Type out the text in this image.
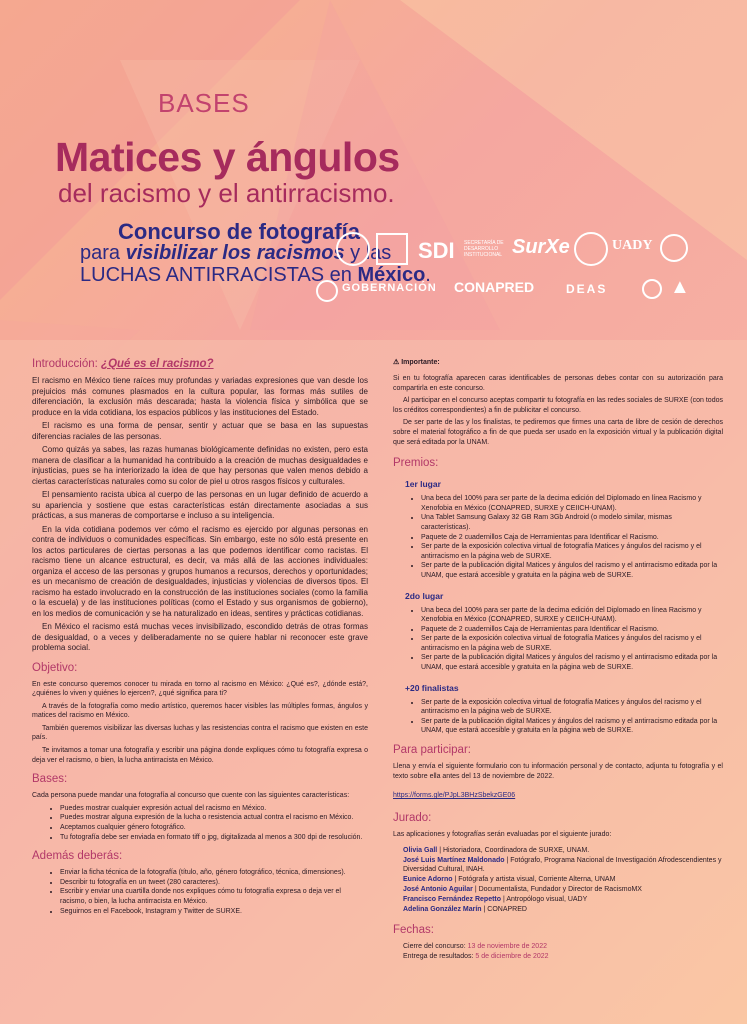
BASES
Matices y ángulos
del racismo y el antirracismo.
Concurso de fotografía
para visibilizar los racismos y las
LUCHAS ANTIRRACISTAS en México.
SDI SECRETARÍA DE DESARROLLO INSTITUCIONAL SurXe	UADY
GOBERNACIÓN CONAPRED	DEAS	▲
Introducción: ¿Qué es el racismo?

El racismo en México tiene raíces muy profundas y variadas expresiones que van desde los prejuicios más comunes plasmados en la cultura popular, las formas más sutiles de diferenciación, la exclusión más descarada; hasta la violencia física y simbólica que se produce en la vida cotidiana, los espacios públicos y las instituciones del Estado.

El racismo es una forma de pensar, sentir y actuar que se basa en las supuestas diferencias raciales de las personas.

Como quizás ya sabes, las razas humanas biológicamente definidas no existen, pero esta manera de clasificar a la humanidad ha contribuido a la creación de muchas desigualdades e injusticias, pues se ha interiorizado la idea de que hay personas que valen menos debido a ciertas características naturales como su color de piel u otros rasgos físicos y culturales.

El pensamiento racista ubica al cuerpo de las personas en un lugar definido de acuerdo a su apariencia y sostiene que estas características están directamente asociadas a sus prácticas, a sus maneras de comportarse e incluso a su inteligencia.

En la vida cotidiana podemos ver cómo el racismo es ejercido por algunas personas en contra de individuos o comunidades específicas. Sin embargo, este no sólo está presente en los actos particulares de ciertas personas a las que podemos identificar como racistas. El racismo tiene un alcance estructural, es decir, va más allá de las acciones individuales: organiza el acceso de las personas y grupos humanos a recursos, derechos y oportunidades; es un mecanismo de creación de desigualdades, injusticias y violencias de diversos tipos. El racismo ha estado involucrado en la construcción de las instituciones sociales (como la familia o la escuela) y de las instituciones políticas (como el Estado y sus organismos de gobierno), en los medios de comunicación y se ha naturalizado en ideas, sentires y prácticas cotidianas.

En México el racismo está muchas veces invisibilizado, escondido detrás de otras formas de desigualdad, o a veces y deliberadamente no se quiere hablar ni reconocer este grave problema social.

Objetivo:

En este concurso queremos conocer tu mirada en torno al racismo en México: ¿Qué es?, ¿dónde está?, ¿quiénes lo viven y quiénes lo ejercen?, ¿qué significa para ti?

A través de la fotografía como medio artístico, queremos hacer visibles las múltiples formas, ángulos y matices del racismo en México.

También queremos visibilizar las diversas luchas y las resistencias contra el racismo que existen en este país.

Te invitamos a tomar una fotografía y escribir una página donde expliques cómo tu fotografía expresa o deja ver el racismo, o bien, la lucha antirracista en México.

Bases:

Cada persona puede mandar una fotografía al concurso que cuente con las siguientes características:

• Puedes mostrar cualquier expresión actual del racismo en México.
• Puedes mostrar alguna expresión de la lucha o resistencia actual contra el racismo en México.
• Aceptamos cualquier género fotográfico.
• Tu fotografía debe ser enviada en formato tiff o jpg, digitalizada al menos a 300 dpi de resolución.
Además deberás:
• Enviar la ficha técnica de la fotografía (título, año, género fotográfico, técnica, dimensiones).
• Describir tu fotografía en un tweet (280 caracteres).
• Escribir y enviar una cuartilla donde nos expliques cómo tu fotografía expresa o deja ver el racismo, o bien, la lucha antirracista en México.
• Seguirnos en el Facebook, Instagram y Twitter de SURXE.
⚠ Importante:

Si en tu fotografía aparecen caras identificables de personas debes contar con su autorización para compartirla en este concurso.

Al participar en el concurso aceptas compartir tu fotografía en las redes sociales de SURXE (con todos los créditos correspondientes) a fin de publicitar el concurso.

De ser parte de las y los finalistas, te pediremos que firmes una carta de libre de cesión de derechos sobre el material fotográfico a fin de que pueda ser usado en la exposición virtual y la publicación digital que será editada por la UNAM.

Premios:
1er lugar
• Una beca del 100% para ser parte de la decima edición del Diplomado en línea Racismo y Xenofobia en México (CONAPRED, SURXE y CEIICH-UNAM).
• Una Tablet Samsung Galaxy 32 GB Ram 3Gb Android (o modelo similar, mismas características).
• Paquete de 2 cuadernillos Caja de Herramientas para Identificar el Racismo.
• Ser parte de la exposición colectiva virtual de fotografía Matices y ángulos del racismo y el antirracismo en la página web de SURXE.
• Ser parte de la publicación digital Matices y ángulos del racismo y el antirracismo editada por la UNAM, que estará accesible y gratuita en la página web de SURXE.
2do lugar
• Una beca del 100% para ser parte de la decima edición del Diplomado en línea Racismo y Xenofobia en México (CONAPRED, SURXE y CEIICH-UNAM).
• Paquete de 2 cuadernillos Caja de Herramientas para Identificar el Racismo.
• Ser parte de la exposición colectiva virtual de fotografía Matices y ángulos del racismo y el antirracismo en la página web de SURXE.
• Ser parte de la publicación digital Matices y ángulos del racismo y el antirracismo editada por la UNAM, que estará accesible y gratuita en la página web de SURXE.
+20 finalistas
• Ser parte de la exposición colectiva virtual de fotografía Matices y ángulos del racismo y el antirracismo en la página web de SURXE.
• Ser parte de la publicación digital Matices y ángulos del racismo y el antirracismo editada por la UNAM, que estará accesible y gratuita en la página web de SURXE.
Para participar:

Llena y envía el siguiente formulario con tu información personal y de contacto, adjunta tu fotografía y el texto sobre ella antes del 13 de noviembre de 2022.

https://forms.gle/PJpL3BHzSbekzGE06
Jurado:

Las aplicaciones y fotografías serán evaluadas por el siguiente jurado:

Olivia Gall | Historiadora, Coordinadora de SURXE, UNAM.
José Luis Martínez Maldonado | Fotógrafo, Programa Nacional de Investigación Afrodescendientes y Diversidad Cultural, INAH.
Eunice Adorno | Fotógrafa y artista visual, Corriente Alterna, UNAM
José Antonio Aguilar | Documentalista, Fundador y Director de RacismoMX
Francisco Fernández Repetto | Antropólogo visual, UADY
Adelina González Marín | CONAPRED
Fechas:
Cierre del concurso: 13 de noviembre de 2022
Entrega de resultados: 5 de diciembre de 2022
